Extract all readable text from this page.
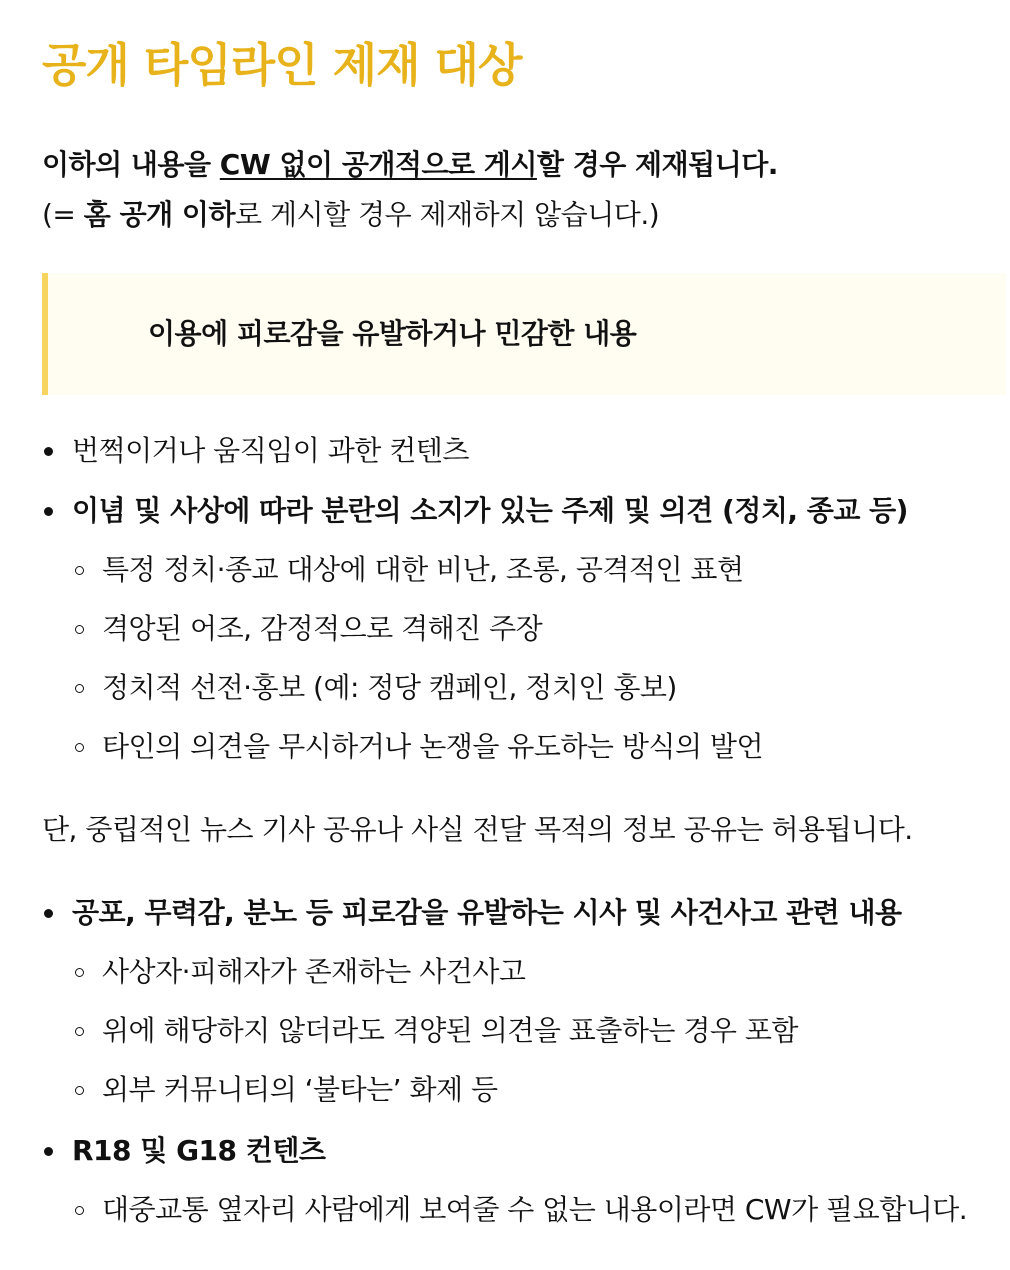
공개 타임라인 제재 대상
이하의 내용을 CW 없이 공개적으로 게시할 경우 제재됩니다.
(= 홈 공개 이하로 게시할 경우 제재하지 않습니다.)
이용에 피로감을 유발하거나 민감한 내용
번쩍이거나 움직임이 과한 컨텐츠
이념 및 사상에 따라 분란의 소지가 있는 주제 및 의견 (정치, 종교 등)
특정 정치·종교 대상에 대한 비난, 조롱, 공격적인 표현
격앙된 어조, 감정적으로 격해진 주장
정치적 선전·홍보 (예: 정당 캠페인, 정치인 홍보)
타인의 의견을 무시하거나 논쟁을 유도하는 방식의 발언
단, 중립적인 뉴스 기사 공유나 사실 전달 목적의 정보 공유는 허용됩니다.
공포, 무력감, 분노 등 피로감을 유발하는 시사 및 사건사고 관련 내용
사상자·피해자가 존재하는 사건사고
위에 해당하지 않더라도 격양된 의견을 표출하는 경우 포함
외부 커뮤니티의 ‘불타는’ 화제 등
R18 및 G18 컨텐츠
대중교통 옆자리 사람에게 보여줄 수 없는 내용이라면 CW가 필요합니다.
